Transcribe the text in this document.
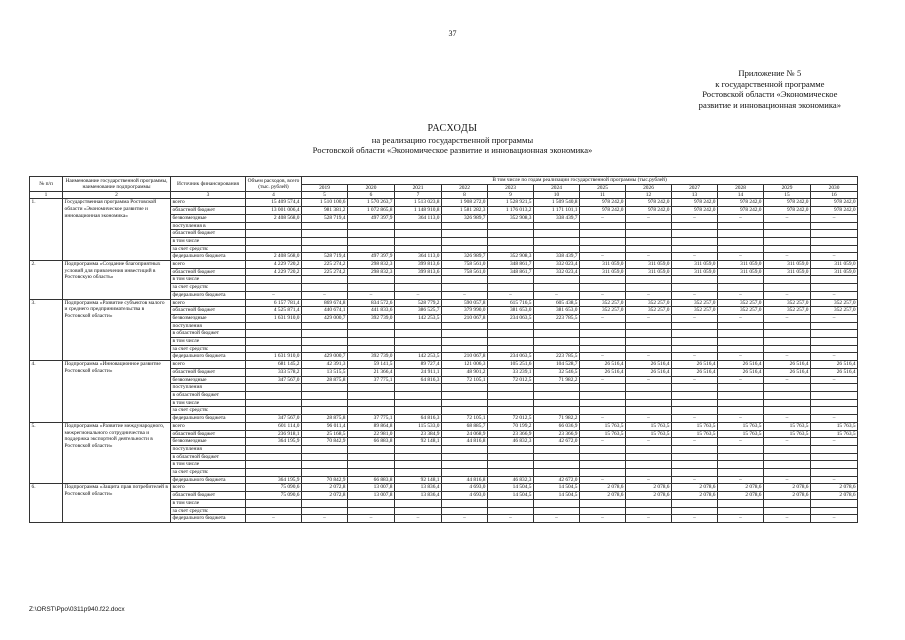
37
Приложение № 5
к государственной программе
Ростовской области «Экономическое
развитие и инновационная экономика»
РАСХОДЫ
на реализацию государственной программы
Ростовской области «Экономическое развитие и инновационная экономика»
№ п/п	Наименование государственной программы, наименование подпрограммы	Источник финансирования	Объем расходов, всего (тыс. рублей)	В том числе по годам реализации государственной программы (тыс.рублей)											
				2019	2020	2021	2022	2023	2024	2025	2026	2027	2028	2029	2030
1	2	3	4	5	6	7	8	9	10	11	12	13	14	15	16
1.	Государственная программа Ростовской области «Экономическое развитие и инновационная экономика»	всего	15 409 574,4	1 510 100,6	1 570 263,7	1 513 023,8	1 908 272,0	1 528 921,5	1 509 540,8	978 242,0	978 242,0	978 242,0	978 242,0	978 242,0	978 242,0
		областной бюджет	13 001 006,4	981 381,2	1 072 865,8	1 148 910,8	1 581 282,3	1 176 013,2	1 171 101,1	978 242,0	978 242,0	978 242,0	978 242,0	978 242,0	978 242,0
		безвозмездные	2 408 568,0	528 719,4	497 397,9	364 113,0	326 989,7	352 908,3	338 439,7	–	–	–	–	–	–
		поступления в													
		областной бюджет													
		в том числе													
		за счет средств:													
		федерального бюджета	2 408 568,0	528 719,4	497 397,9	364 113,0	326 989,7	352 908,3	338 439,7	–	–	–	–	–	–
2.	Подпрограмма «Создание благоприятных условий для привлечения инвестиций в Ростовскую область»	всего	4 229 720,2	225 274,2	298 832,3	399 813,6	758 561,0	348 861,7	332 023,4	311 059,0	311 059,0	311 059,0	311 059,0	311 059,0	311 059,0
		областной бюджет	4 229 720,2	225 274,2	298 832,3	399 813,6	758 561,0	348 861,7	332 023,4	311 059,0	311 059,0	311 059,0	311 059,0	311 059,0	311 059,0
		в том числе													
		за счет средств:													
		федерального бюджета	–	–	–	–	–	–	–	–	–	–	–	–	–
3.	Подпрограмма «Развитие субъектов малого и среднего предпринимательства в Ростовской области»	всего	6 157 781,4	869 674,8	834 572,6	528 779,2	590 057,8	615 716,5	605 438,5	352 257,0	352 257,0	352 257,0	352 257,0	352 257,0	352 257,0
		областной бюджет	4 525 871,4	440 674,1	441 833,6	386 525,7	379 990,0	381 653,0	381 653,0	352 257,0	352 257,0	352 257,0	352 257,0	352 257,0	352 257,0
		безвозмездные	1 631 910,0	429 000,7	392 739,0	142 253,5	210 067,8	234 063,5	223 785,5	–	–	–	–	–	–
		поступления													
		в областной бюджет													
		в том числе													
		за счет средств:													
		федерального бюджета	1 631 910,0	429 000,7	392 739,0	142 253,5	210 067,8	234 063,5	223 785,5	–	–	–	–	–	–
4.	Подпрограмма «Инновационное развитие Ростовской области»	всего	681 145,2	42 391,3	59 141,5	89 727,4	121 006,3	105 251,6	104 528,7	26 516,4	26 516,4	26 516,4	26 516,4	26 516,4	26 516,4
		областной бюджет	333 578,2	13 515,5	21 366,4	24 911,1	48 901,2	33 239,1	32 546,5	26 516,4	26 516,4	26 516,4	26 516,4	26 516,4	26 516,4
		безвозмездные	347 567,0	28 875,8	37 775,1	64 816,3	72 105,1	72 012,5	71 982,2	–	–	–	–	–	–
		поступления													
		в областной бюджет													
		в том числе													
		за счет средств:													
		федерального бюджета	347 567,0	28 875,8	37 775,1	64 816,3	72 105,1	72 012,5	71 982,2	–	–	–	–	–	–
5.	Подпрограмма «Развитие международного, межрегионального сотрудничества и поддержка экспортной деятельности в Ростовской области»	всего	601 114,0	96 011,4	89 864,8	115 533,0	68 885,7	70 199,2	66 036,9	15 763,5	15 763,5	15 763,5	15 763,5	15 763,5	15 763,5
		областной бюджет	236 918,1	25 168,5	22 981,0	23 384,9	24 068,9	23 366,9	23 366,9	15 763,5	15 763,5	15 763,5	15 763,5	15 763,5	15 763,5
		безвозмездные	364 195,9	70 842,9	66 883,8	92 148,1	44 816,8	46 832,3	42 672,0	–	–	–	–	–	–
		поступления													
		в областной бюджет													
		в том числе													
		за счет средств:													
		федерального бюджета	364 195,9	70 842,9	66 883,8	92 148,1	44 816,8	46 832,3	42 672,0	–	–	–	–	–	–
6.	Подпрограмма «Защита прав потребителей в Ростовской области»	всего	75 090,6	2 072,8	13 007,8	13 836,4	4 693,0	14 504,5	14 504,5	2 078,6	2 078,6	2 078,6	2 078,6	2 078,6	2 078,6
		областной бюджет	75 090,6	2 072,8	13 007,8	13 836,4	4 693,0	14 504,5	14 504,5	2 078,6	2 078,6	2 078,6	2 078,6	2 078,6	2 078,6
		в том числе													
		за счет средств:													
		федерального бюджета	–	–	–	–	–	–	–	–	–	–	–	–	–
Z:\ORST\Ppo\0311p940.f22.docx
